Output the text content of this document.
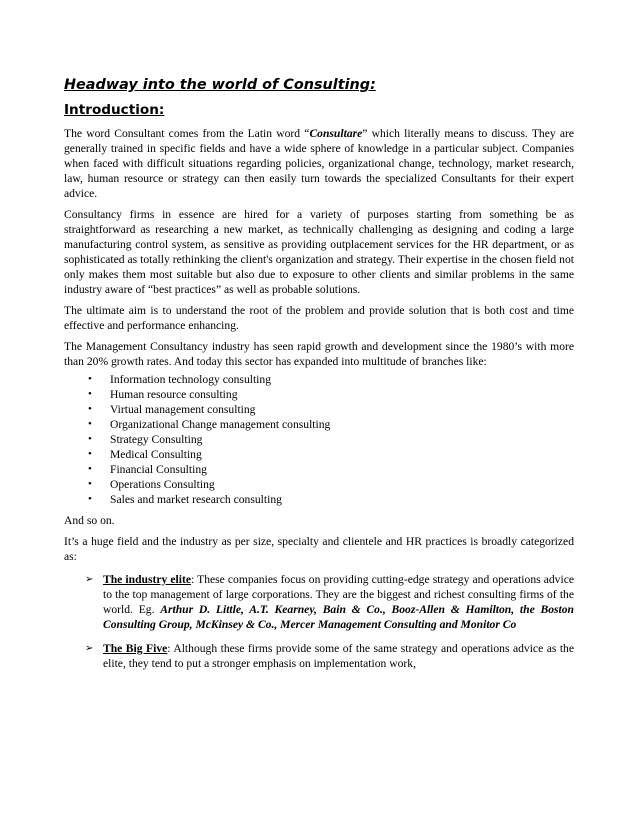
Headway into the world of Consulting:
Introduction:

The word Consultant comes from the Latin word “Consultare” which literally means to discuss. They are generally trained in specific fields and have a wide sphere of knowledge in a particular subject. Companies when faced with difficult situations regarding policies, organizational change, technology, market research, law, human resource or strategy can then easily turn towards the specialized Consultants for their expert advice.

Consultancy firms in essence are hired for a variety of purposes starting from something be as straightforward as researching a new market, as technically challenging as designing and coding a large manufacturing control system, as sensitive as providing outplacement services for the HR department, or as sophisticated as totally rethinking the client's organization and strategy. Their expertise in the chosen field not only makes them most suitable but also due to exposure to other clients and similar problems in the same industry aware of “best practices” as well as probable solutions.

The ultimate aim is to understand the root of the problem and provide solution that is both cost and time effective and performance enhancing.

The Management Consultancy industry has seen rapid growth and development since the 1980’s with more than 20% growth rates. And today this sector has expanded into multitude of branches like:

• Information technology consulting
• Human resource consulting
• Virtual management consulting
• Organizational Change management consulting
• Strategy Consulting
• Medical Consulting
• Financial Consulting
• Operations Consulting
• Sales and market research consulting

And so on.

It’s a huge field and the industry as per size, specialty and clientele and HR practices is broadly categorized as:

➢ The industry elite: These companies focus on providing cutting-edge strategy and operations advice to the top management of large corporations. They are the biggest and richest consulting firms of the world. Eg. Arthur D. Little, A.T. Kearney, Bain & Co., Booz-Allen & Hamilton, the Boston Consulting Group, McKinsey & Co., Mercer Management Consulting and Monitor Co
➢ The Big Five: Although these firms provide some of the same strategy and operations advice as the elite, they tend to put a stronger emphasis on implementation work,
